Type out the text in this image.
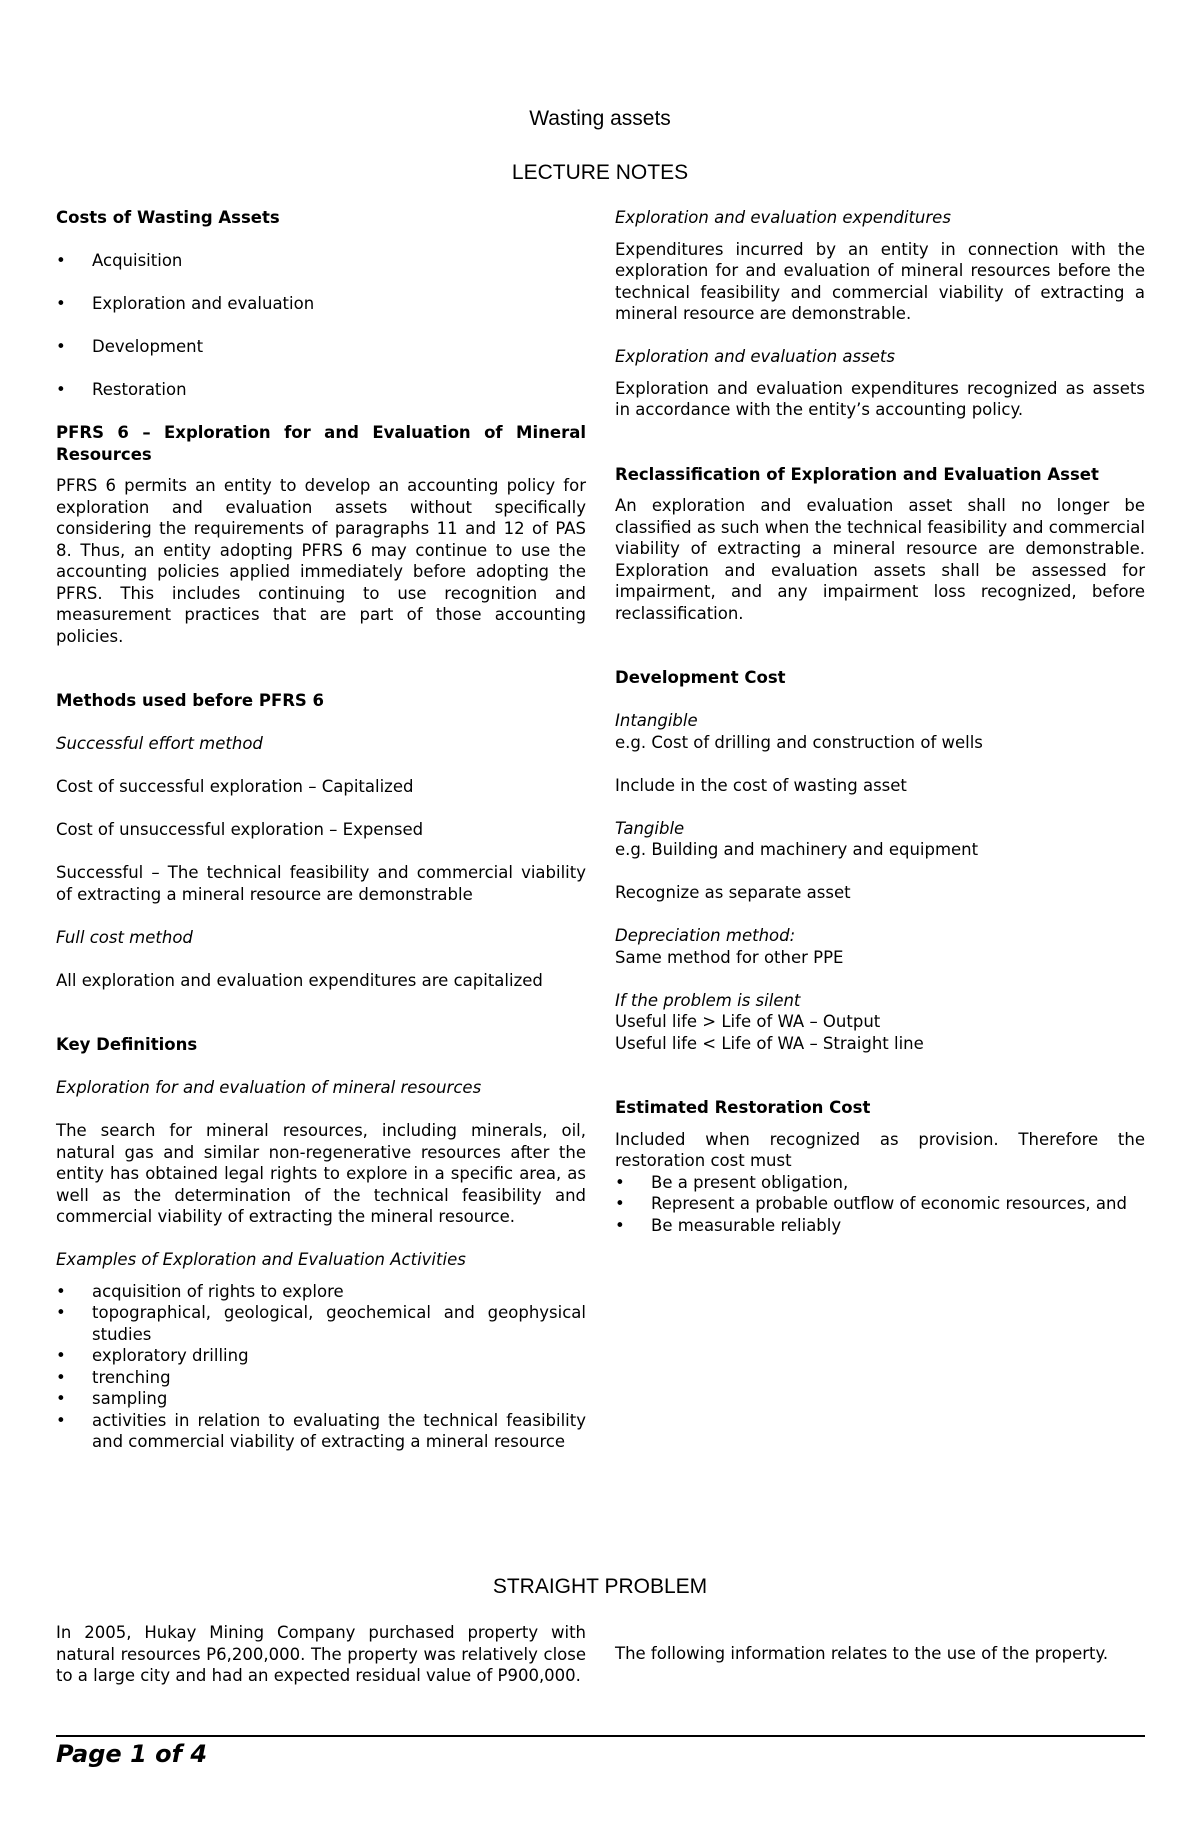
Wasting assets
LECTURE NOTES

Costs of Wasting Assets

• Acquisition
• Exploration and evaluation
• Development
• Restoration

PFRS 6 – Exploration for and Evaluation of Mineral Resources

PFRS 6 permits an entity to develop an accounting policy for exploration and evaluation assets without specifically considering the requirements of paragraphs 11 and 12 of PAS 8. Thus, an entity adopting PFRS 6 may continue to use the accounting policies applied immediately before adopting the PFRS. This includes continuing to use recognition and measurement practices that are part of those accounting policies.

Methods used before PFRS 6

Successful effort method

Cost of successful exploration – Capitalized

Cost of unsuccessful exploration – Expensed

Successful – The technical feasibility and commercial viability of extracting a mineral resource are demonstrable

Full cost method

All exploration and evaluation expenditures are capitalized

Key Definitions

Exploration for and evaluation of mineral resources

The search for mineral resources, including minerals, oil, natural gas and similar non-regenerative resources after the entity has obtained legal rights to explore in a specific area, as well as the determination of the technical feasibility and commercial viability of extracting the mineral resource.

Examples of Exploration and Evaluation Activities

• acquisition of rights to explore
• topographical, geological, geochemical and geophysical studies
• exploratory drilling
• trenching
• sampling
• activities in relation to evaluating the technical feasibility and commercial viability of extracting a mineral resource

Exploration and evaluation expenditures

Expenditures incurred by an entity in connection with the exploration for and evaluation of mineral resources before the technical feasibility and commercial viability of extracting a mineral resource are demonstrable.

Exploration and evaluation assets

Exploration and evaluation expenditures recognized as assets in accordance with the entity’s accounting policy.

Reclassification of Exploration and Evaluation Asset

An exploration and evaluation asset shall no longer be classified as such when the technical feasibility and commercial viability of extracting a mineral resource are demonstrable. Exploration and evaluation assets shall be assessed for impairment, and any impairment loss recognized, before reclassification.

Development Cost

Intangible

e.g. Cost of drilling and construction of wells

Include in the cost of wasting asset

Tangible

e.g. Building and machinery and equipment

Recognize as separate asset

Depreciation method:

Same method for other PPE

If the problem is silent

Useful life > Life of WA – Output

Useful life < Life of WA – Straight line

Estimated Restoration Cost

Included when recognized as provision. Therefore the restoration cost must

• Be a present obligation,
• Represent a probable outflow of economic resources, and
• Be measurable reliably
STRAIGHT PROBLEM

In 2005, Hukay Mining Company purchased property with natural resources P6,200,000. The property was relatively close to a large city and had an expected residual value of P900,000.

The following information relates to the use of the property.

Page 1 of 4
